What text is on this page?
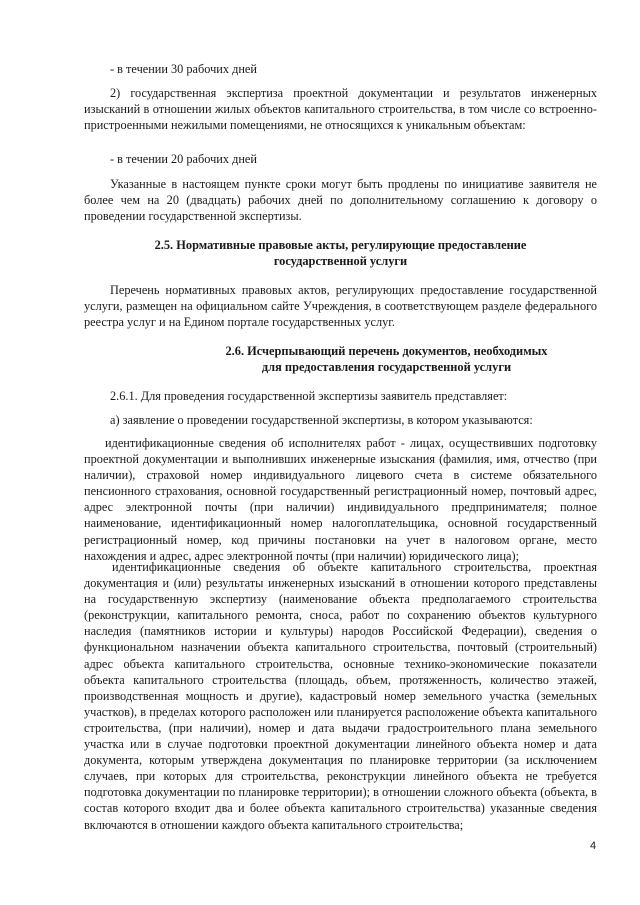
- в течении 30 рабочих дней

2) государственная экспертиза проектной документации и результатов инженерных изысканий в отношении жилых объектов капитального строительства, в том числе со встроенно-пристроенными нежилыми помещениями, не относящихся к уникальным объектам:

- в течении 20 рабочих дней

Указанные в настоящем пункте сроки могут быть продлены по инициативе заявителя не более чем на 20 (двадцать) рабочих дней по дополнительному соглашению к договору о проведении государственной экспертизы.

2.5. Нормативные правовые акты, регулирующие предоставление
государственной услуги

Перечень нормативных правовых актов, регулирующих предоставление государственной услуги, размещен на официальном сайте Учреждения, в соответствующем разделе федерального реестра услуг и на Едином портале государственных услуг.

2.6. Исчерпывающий перечень документов, необходимых
для предоставления государственной услуги

2.6.1. Для проведения государственной экспертизы заявитель представляет:

а) заявление о проведении государственной экспертизы, в котором указываются:

идентификационные сведения об исполнителях работ - лицах, осуществивших подготовку проектной документации и выполнивших инженерные изыскания (фамилия, имя, отчество (при наличии), страховой номер индивидуального лицевого счета в системе обязательного пенсионного страхования, основной государственный регистрационный номер, почтовый адрес, адрес электронной почты (при наличии) индивидуального предпринимателя; полное наименование, идентификационный номер налогоплательщика, основной государственный регистрационный номер, код причины постановки на учет в налоговом органе, место нахождения и адрес, адрес электронной почты (при наличии) юридического лица);

идентификационные сведения об объекте капитального строительства, проектная документация и (или) результаты инженерных изысканий в отношении которого представлены на государственную экспертизу (наименование объекта предполагаемого строительства (реконструкции, капитального ремонта, сноса, работ по сохранению объектов культурного наследия (памятников истории и культуры) народов Российской Федерации), сведения о функциональном назначении объекта капитального строительства, почтовый (строительный) адрес объекта капитального строительства, основные технико-экономические показатели объекта капитального строительства (площадь, объем, протяженность, количество этажей, производственная мощность и другие), кадастровый номер земельного участка (земельных участков), в пределах которого расположен или планируется расположение объекта капитального строительства, (при наличии), номер и дата выдачи градостроительного плана земельного участка или в случае подготовки проектной документации линейного объекта номер и дата документа, которым утверждена документация по планировке территории (за исключением случаев, при которых для строительства, реконструкции линейного объекта не требуется подготовка документации по планировке территории); в отношении сложного объекта (объекта, в состав которого входит два и более объекта капитального строительства) указанные сведения включаются в отношении каждого объекта капитального строительства;

4
